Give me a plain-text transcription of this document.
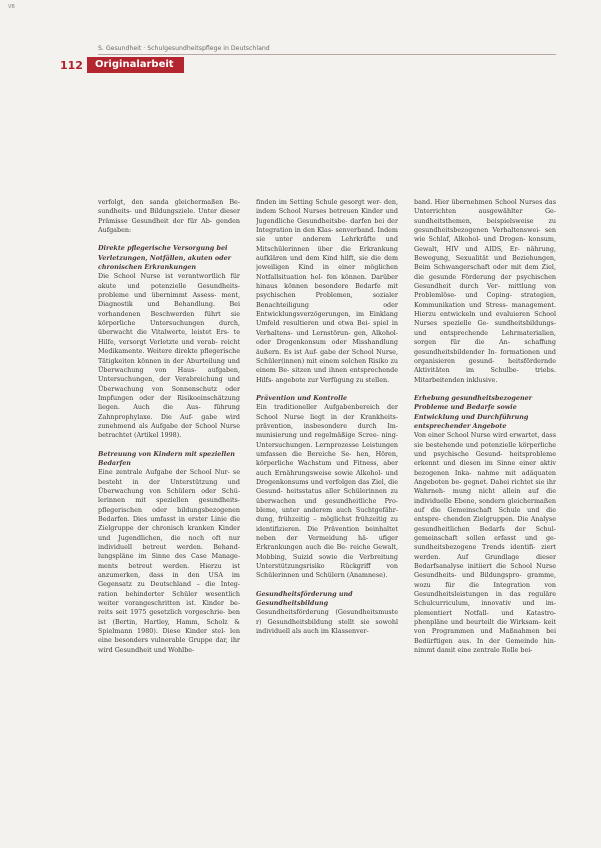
VB
S. Gesundheit · Schulgesundheitspflege in Deutschland
112	Originalarbeit

verfolgt, den sanda gleichermaßen Be- sundheits- und Bildungsziele. Unter dieser Prämisse Gesundheit der für Ab- genden Aufgaben:

Direkte pflegerische Versorgung bei Verletzungen, Notfällen, akuten oder chronischen Erkrankungen

Die School Nurse ist verantwortlich für akute und potenzielle Gesundheits- probleme und übernimmt Assess- ment, Diagnostik und Behandlung. Bei vorhandenen Beschwerden führt sie körperliche Untersuchungen durch, überwacht die Vitalwerte, leistet Ers- te Hilfe, versorgt Verletzte und verab- reicht Medikamente. Weitere direkte pflegerische Tätigkeiten können in der Aburteilung und Überwachung von Haus- aufgaben, Untersuchungen, der Verabreichung und Überwachung von Sonnenschutz oder Impfungen oder der Risikoeinschätzung liegen. Auch die Aus- führung Zahnprophylaxe. Die Auf- gabe wird zunehmend als Aufgabe der School Nurse betrachtet (Artikel 1998).

Betreuung von Kindern mit speziellen Bedarfen

Eine zentrale Aufgabe der School Nur- se besteht in der Unterstützung und Überwachung von Schülern oder Schü- lerinnen mit speziellen gesundheits- pflegerischen oder bildungsbezogenen Bedarfen. Dies umfasst in erster Linie die Zielgruppe der chronisch kranken Kinder und Jugendlichen, die noch oft nur individuell betreut werden. Behand- lungspläne im Sinne des Case Manage- ments betreut werden. Hierzu ist anzumerken, dass in den USA im Gegensatz zu Deutschland – die Integ- ration behinderter Schüler wesentlich weiter vorangeschritten ist. Kinder be- reits seit 1975 gesetzlich vorgeschrie- ben ist (Bertin, Hartley, Hamm, Scholz & Spielmann 1980). Diese Kinder stel- len eine besonders vulnerable Gruppe dar, ihr wird Gesundheit und Wohlbe-

finden im Setting Schule gesorgt wer- den, indem School Nurses betreuen Kinder und Jugendliche Gesundheitsbe- darfen bei der Integration in den Klas- senverband. Indem sie unter anderem Lehrkräfte und Mitschülerinnen über die Erkrankung aufklären und dem Kind hilft, sie die dem jeweiligen Kind in einer möglichen Notfallsituation hel- fen können. Darüber hinaus können besondere Bedarfe mit psychischen Problemen, sozialer Benachteiligung oder Entwicklungsverzögerungen, im Einklang Umfeld resultieren und etwa Bei- spiel in Verhaltens- und Lernstörun- gen, Alkohol- oder Drogenkonsum oder Misshandlung äußern. Es ist Auf- gabe der School Nurse, Schüler(innen) mit einem solchen Risiko zu einem Be- sitzen und ihnen entsprechende Hilfs- angebote zur Verfügung zu stellen.

Prävention und Kontrolle

Ein traditioneller Aufgabenbereich der School Nurse liegt in der Krankheits- prävention, insbesondere durch Im- munisierung und regelmäßige Scree- ning-Untersuchungen. Lernprozesse Leistungen umfassen die Bereiche Se- hen, Hören, körperliche Wachstum und Fitness, aber auch Ernährungsweise sowie Alkohol- und Drogenkonsums und verfolgen das Ziel, die Gesund- heitsstatus aller Schülerinnen zu überwachen und gesundheitliche Pro- bleme, unter anderem auch Suchtgefähr- dung, frühzeitig – möglichst frühzeitig zu identifizieren. Die Prävention beinhaltet neben der Vermeidung hä- ufiger Erkrankungen auch die Be- reiche Gewalt, Mobbing, Suizid sowie die Verbreitung Unterstützungsrisiko Rückgriff von Schülerinnen und Schülern (Anamnese).

Gesundheitsförderung und Gesundheitsbildung

Gesundheitsförderung (Gesundheitsmuste r) Gesundheitsbildung stellt sie sowohl individuell als auch im Klassenver-

band. Hier übernehmen School Nurses das Unterrichten ausgewählter Ge- sundheitsthemen, beispielsweise zu gesundheitsbezogenen Verhaltenswei- sen wie Schlaf, Alkohol- und Drogen- konsum, Gewalt, HIV und AIDS, Er- nährung, Bewegung, Sexualität und Beziehungen, Beim Schwangerschaft oder mit dem Ziel, die gesunde Förderung der psychischen Gesundheit durch Ver- mittlung von Problemlöse- und Coping- strategien, Kommunikation und Stress- management. Hierzu entwickeln und evaluieren School Nurses spezielle Ge- sundheitsbildungs- und entsprechende Lehrmaterialien, sorgen für die An- schaffung gesundheitsbildender In- formationen und organisieren gesund- heitsfördernde Aktivitäten im Schulbe- triebs. Mitarbeitenden inklusive.

Erhebung gesundheitsbezogener Probleme und Bedarfe sowie Entwicklung und Durchführung entsprechender Angebote

Von einer School Nurse wird erwartet, dass sie bestehende und potenzielle körperliche und psychische Gesund- heitsprobleme erkennt und diesen im Sinne einer aktiv bezogenen Inka- nahme mit adäquaten Angeboten be- gegnet. Dabei richtet sie ihr Wahrneh- mung nicht allein auf die individuelle Ebene, sondern gleichermaßen auf die Gemeinschaft Schule und die entspre- chenden Zielgruppen. Die Analyse gesundheitlichen Bedarfs der Schul- gemeinschaft sollen erfasst und ge- sundheitsbezogene Trends identifi- ziert werden. Auf Grundlage dieser Bedarfsanalyse initiiert die School Nurse Gesundheits- und Bildungspro- gramme, wozu für die Integration von Gesundheitsleistungen in das reguläre Schulcurriculum, innovativ und im- plementiert Notfall- und Katastro- phenpläne und beurteilt die Wirksam- keit von Programmen und Maßnahmen bei Bedürftigen aus. In der Gemeinde hin- nimmt damit eine zentrale Rolle bei-
